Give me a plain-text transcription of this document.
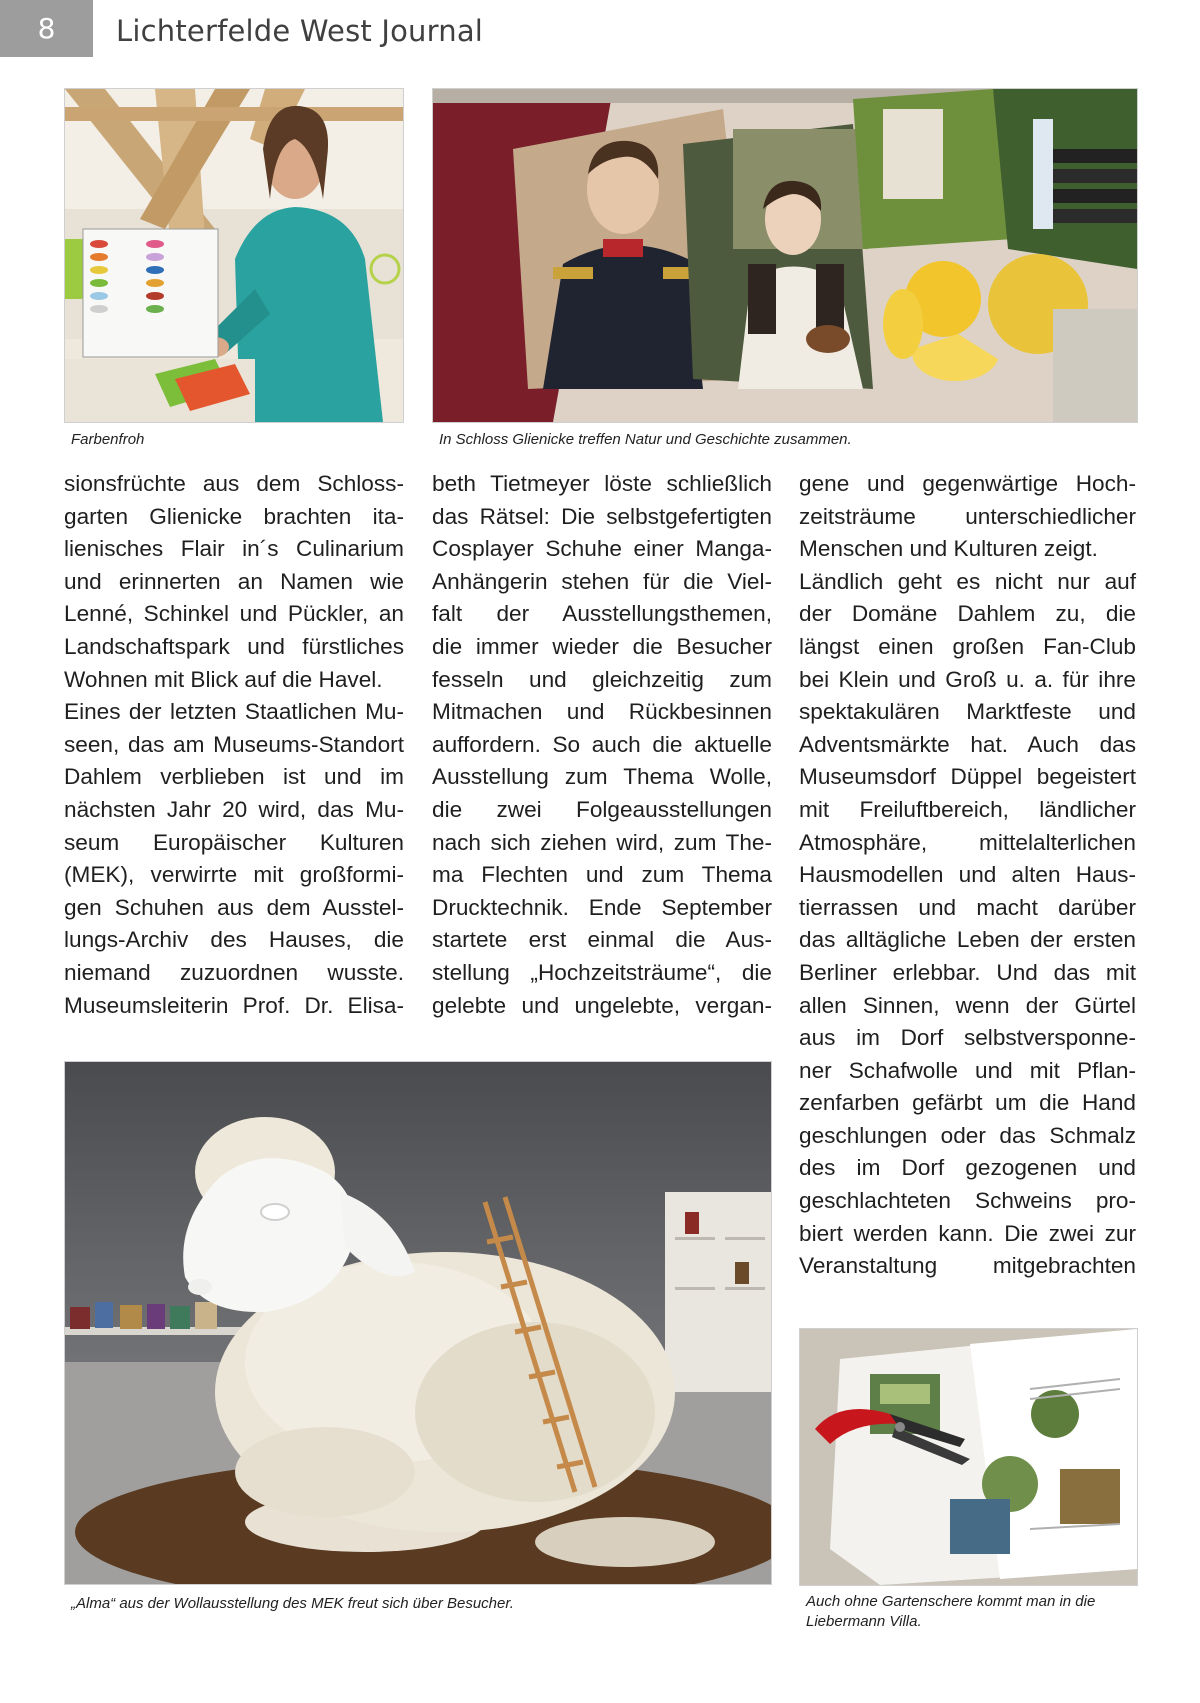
8	Lichterfelde West Journal
Farbenfroh	In Schloss Glienicke treffen Natur und Geschichte zusammen.

sionsfrüchte aus dem Schloss-
garten Glienicke brachten ita-
lienisches Flair in´s Culinarium
und erinnerten an Namen wie
Lenné, Schinkel und Pückler, an
Landschaftspark und fürstliches
Wohnen mit Blick auf die Havel.
Eines der letzten Staatlichen Mu-
seen, das am Museums-Standort
Dahlem verblieben ist und im
nächsten Jahr 20 wird, das Mu-
seum Europäischer Kulturen
(MEK), verwirrte mit großformi-
gen Schuhen aus dem Ausstel-
lungs-Archiv des Hauses, die
niemand zuzuordnen wusste.
Museumsleiterin Prof. Dr. Elisa-

beth Tietmeyer löste schließlich
das Rätsel: Die selbstgefertigten
Cosplayer Schuhe einer Manga-
Anhängerin stehen für die Viel-
falt der Ausstellungsthemen,
die immer wieder die Besucher
fesseln und gleichzeitig zum
Mitmachen und Rückbesinnen
auffordern. So auch die aktuelle
Ausstellung zum Thema Wolle,
die zwei Folgeausstellungen
nach sich ziehen wird, zum The-
ma Flechten und zum Thema
Drucktechnik. Ende September
startete erst einmal die Aus-
stellung „Hochzeitsträume“, die
gelebte und ungelebte, vergan-

gene und gegenwärtige Hoch-
zeitsträume unterschiedlicher
Menschen und Kulturen zeigt.
Ländlich geht es nicht nur auf
der Domäne Dahlem zu, die
längst einen großen Fan-Club
bei Klein und Groß u. a. für ihre
spektakulären Marktfeste und
Adventsmärkte hat. Auch das
Museumsdorf Düppel begeistert
mit Freiluftbereich, ländlicher
Atmosphäre, mittelalterlichen
Hausmodellen und alten Haus-
tierrassen und macht darüber
das alltägliche Leben der ersten
Berliner erlebbar. Und das mit
allen Sinnen, wenn der Gürtel
aus im Dorf selbstversponne-
ner Schafwolle und mit Pflan-
zenfarben gefärbt um die Hand
geschlungen oder das Schmalz
des im Dorf gezogenen und
geschlachteten Schweins pro-
biert werden kann. Die zwei zur
Veranstaltung mitgebrachten

„Alma“ aus der Wollausstellung des MEK freut sich über Besucher.	Auch ohne Gartenschere kommt man in die Liebermann Villa.
